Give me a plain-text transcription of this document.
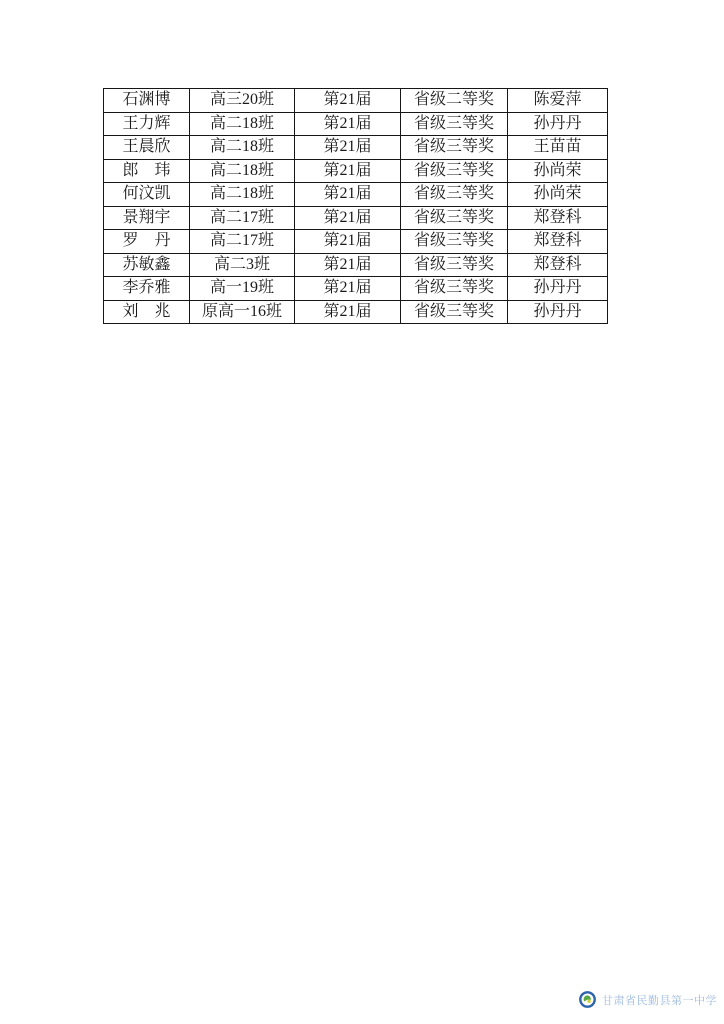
石渊博	高三20班	第21届	省级二等奖	陈爱萍
王力辉	高二18班	第21届	省级三等奖	孙丹丹
王晨欣	高二18班	第21届	省级三等奖	王苗苗
郎　玮	高二18班	第21届	省级三等奖	孙尚荣
何汶凯	高二18班	第21届	省级三等奖	孙尚荣
景翔宇	高二17班	第21届	省级三等奖	郑登科
罗　丹	高二17班	第21届	省级三等奖	郑登科
苏敏鑫	高二3班	第21届	省级三等奖	郑登科
李乔雅	高一19班	第21届	省级三等奖	孙丹丹
刘　兆	原高一16班	第21届	省级三等奖	孙丹丹
甘肃省民勤县第一中学
